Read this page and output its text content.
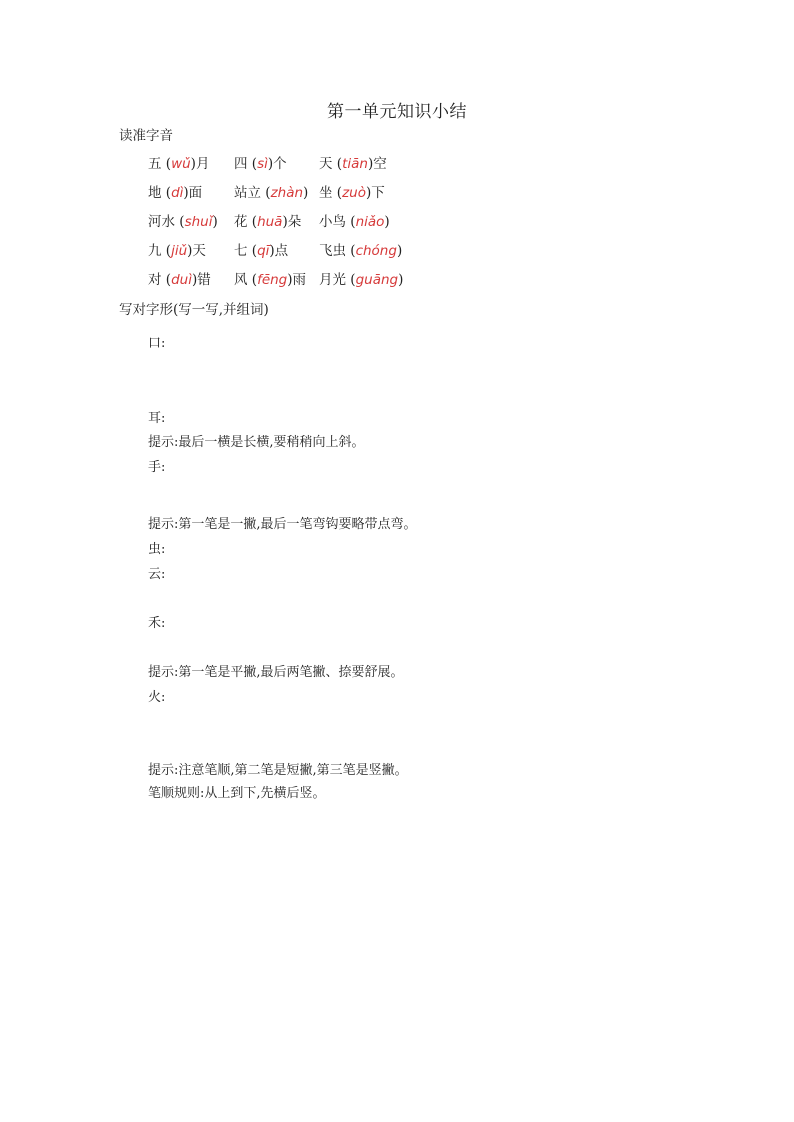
第一单元知识小结
读准字音
五 (wǔ)月 四 (sì)个 天 (tiān)空
地 (dì)面 站立 (zhàn) 坐 (zuò)下
河水 (shuǐ) 花 (huā)朵 小鸟 (niǎo)
九 (jiǔ)天 七 (qī)点 飞虫 (chóng)
对 (duì)错 风 (fēng)雨 月光 (guāng)
写对字形(写一写,并组词)
口:
耳:
提示:最后一横是长横,要稍稍向上斜。
手:
提示:第一笔是一撇,最后一笔弯钩要略带点弯。
虫:
云:
禾:
提示:第一笔是平撇,最后两笔撇、捺要舒展。
火:
提示:注意笔顺,第二笔是短撇,第三笔是竖撇。
笔顺规则:从上到下,先横后竖。
